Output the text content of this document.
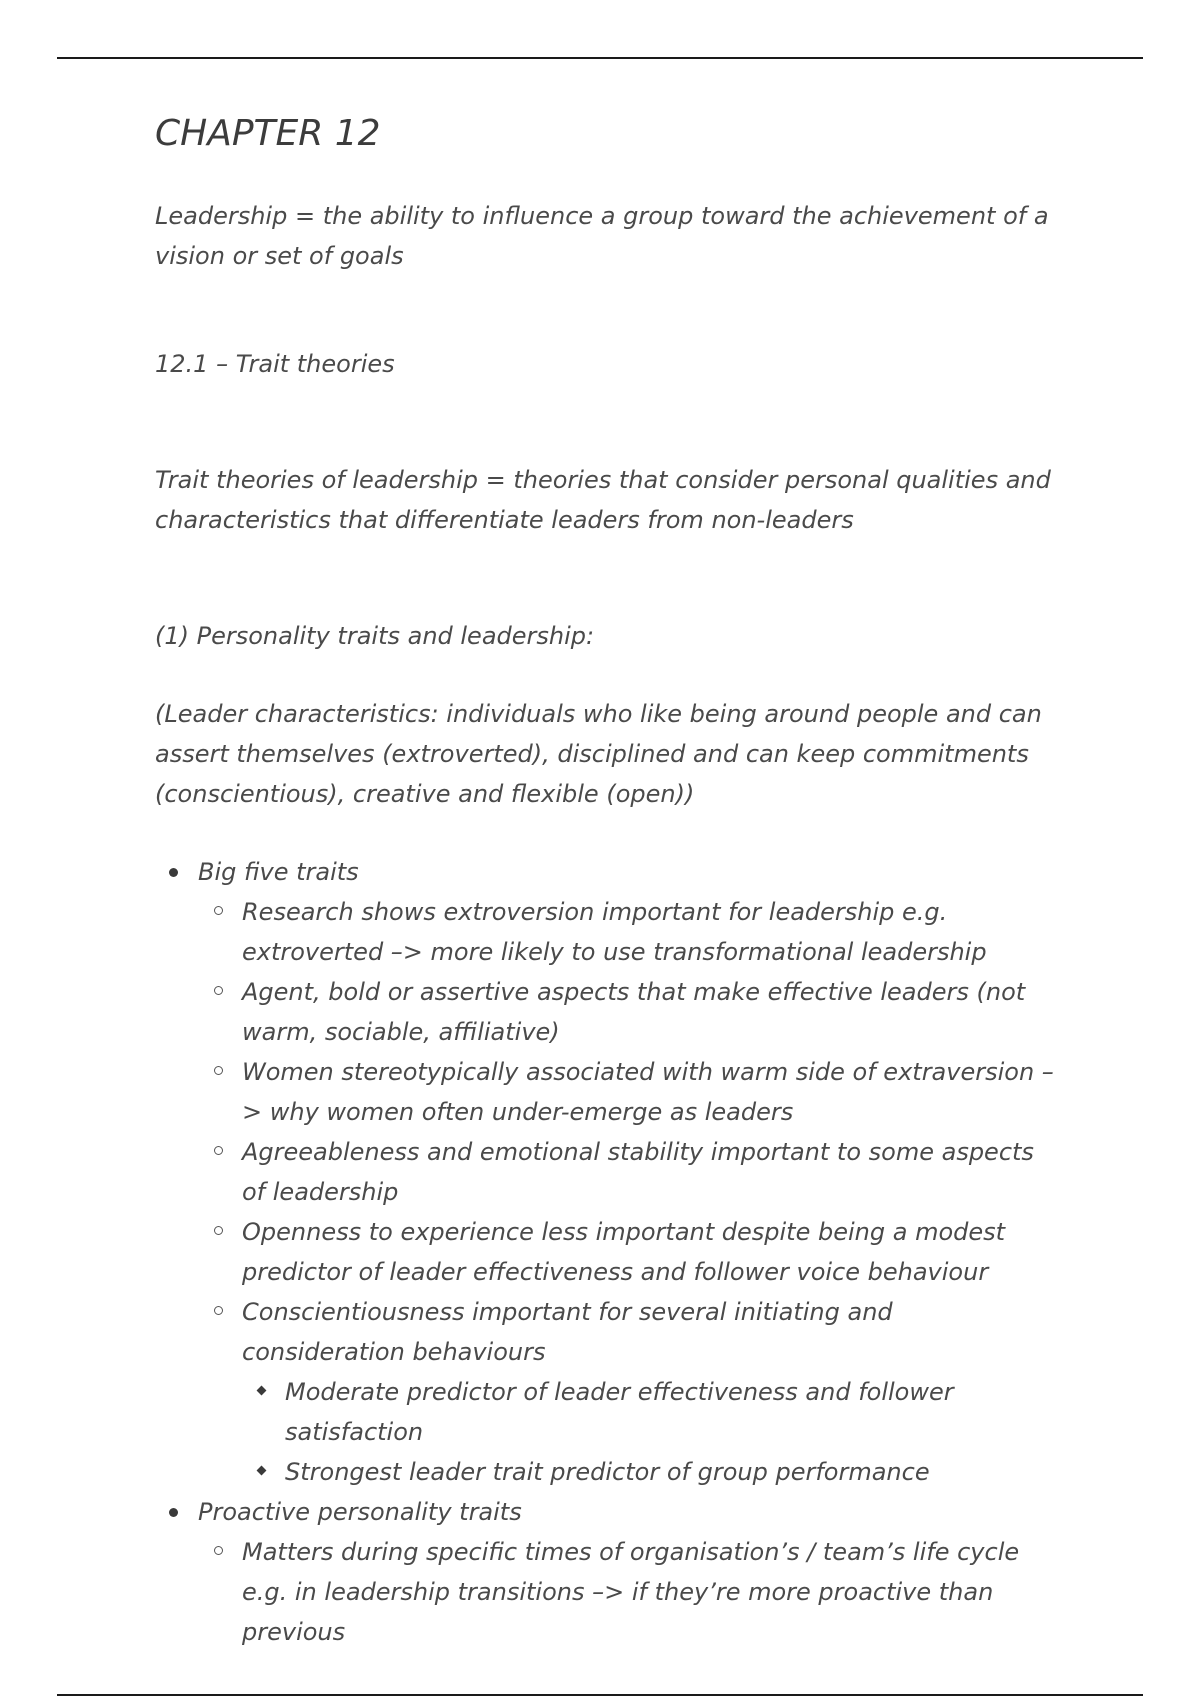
CHAPTER 12

Leadership = the ability to influence a group toward the achievement of a vision or set of goals

12.1 – Trait theories

Trait theories of leadership = theories that consider personal qualities and characteristics that differentiate leaders from non-leaders

(1) Personality traits and leadership:

(Leader characteristics: individuals who like being around people and can assert themselves (extroverted), disciplined and can keep commitments (conscientious), creative and flexible (open))

Big five traits
Research shows extroversion important for leadership e.g. extroverted –> more likely to use transformational leadership
Agent, bold or assertive aspects that make effective leaders (not warm, sociable, affiliative)
Women stereotypically associated with warm side of extraversion –> why women often under-emerge as leaders
Agreeableness and emotional stability important to some aspects of leadership
Openness to experience less important despite being a modest predictor of leader effectiveness and follower voice behaviour
Conscientiousness important for several initiating and consideration behaviours
Moderate predictor of leader effectiveness and follower satisfaction
Strongest leader trait predictor of group performance
Proactive personality traits
Matters during specific times of organisation’s / team’s life cycle e.g. in leadership transitions –> if they’re more proactive than previous
